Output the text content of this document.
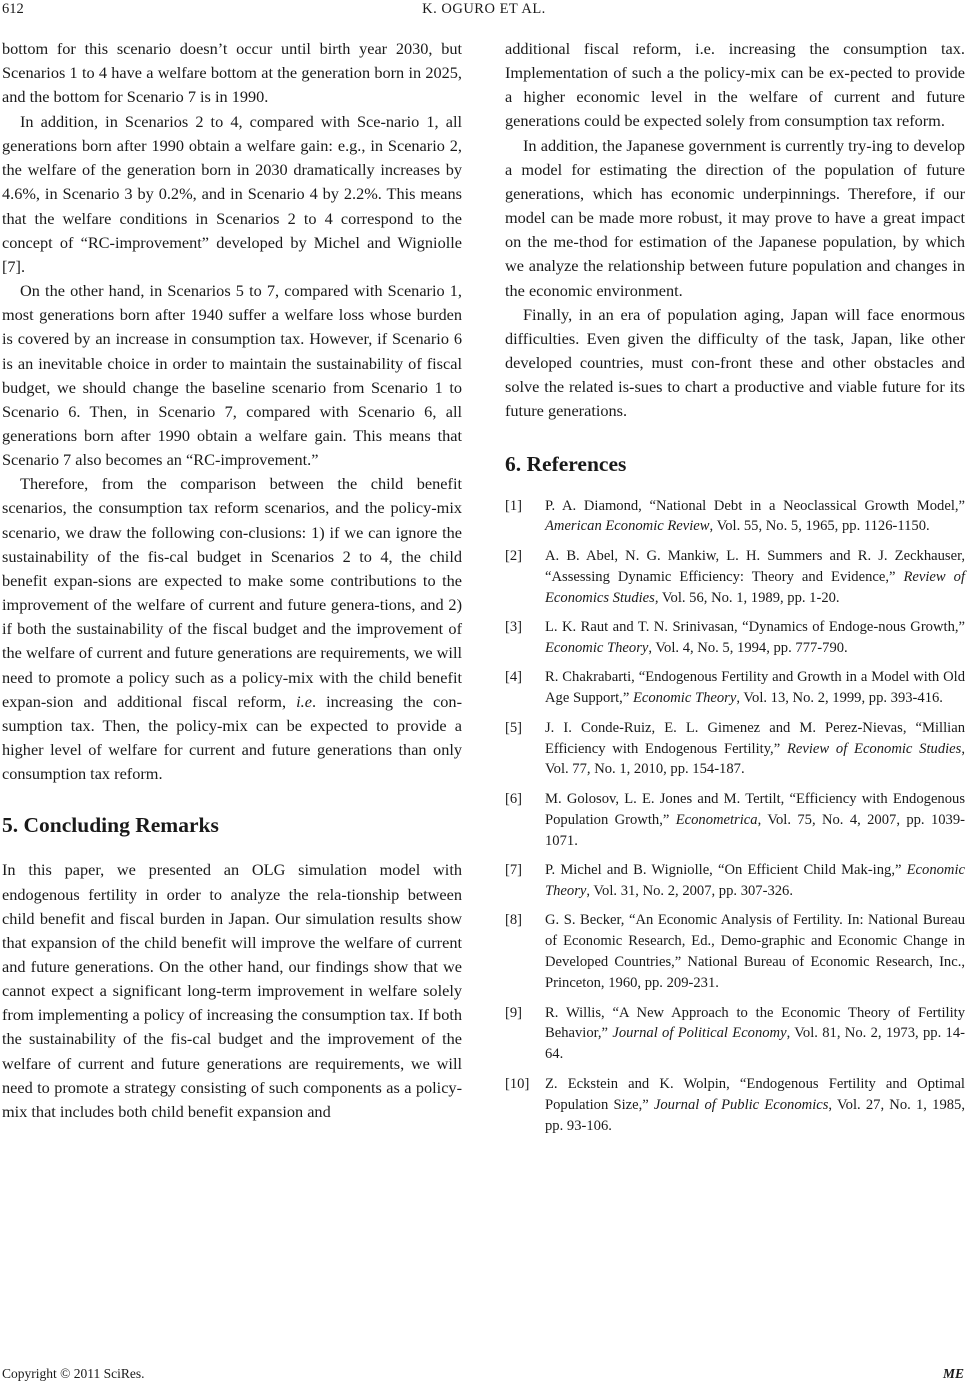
612	K. OGURO ET AL.

bottom for this scenario doesn’t occur until birth year 2030, but Scenarios 1 to 4 have a welfare bottom at the generation born in 2025, and the bottom for Scenario 7 is in 1990.

In addition, in Scenarios 2 to 4, compared with Sce-nario 1, all generations born after 1990 obtain a welfare gain: e.g., in Scenario 2, the welfare of the generation born in 2030 dramatically increases by 4.6%, in Scenario 3 by 0.2%, and in Scenario 4 by 2.2%. This means that the welfare conditions in Scenarios 2 to 4 correspond to the concept of “RC-improvement” developed by Michel and Wigniolle [7].

On the other hand, in Scenarios 5 to 7, compared with Scenario 1, most generations born after 1940 suffer a welfare loss whose burden is covered by an increase in consumption tax. However, if Scenario 6 is an inevitable choice in order to maintain the sustainability of fiscal budget, we should change the baseline scenario from Scenario 1 to Scenario 6. Then, in Scenario 7, compared with Scenario 6, all generations born after 1990 obtain a welfare gain. This means that Scenario 7 also becomes an “RC-improvement.”

Therefore, from the comparison between the child benefit scenarios, the consumption tax reform scenarios, and the policy-mix scenario, we draw the following con-clusions: 1) if we can ignore the sustainability of the fis-cal budget in Scenarios 2 to 4, the child benefit expan-sions are expected to make some contributions to the improvement of the welfare of current and future genera-tions, and 2) if both the sustainability of the fiscal budget and the improvement of the welfare of current and future generations are requirements, we will need to promote a policy such as a policy-mix with the child benefit expan-sion and additional fiscal reform, i.e. increasing the con-sumption tax. Then, the policy-mix can be expected to provide a higher level of welfare for current and future generations than only consumption tax reform.

5. Concluding Remarks

In this paper, we presented an OLG simulation model with endogenous fertility in order to analyze the rela-tionship between child benefit and fiscal burden in Japan. Our simulation results show that expansion of the child benefit will improve the welfare of current and future generations. On the other hand, our findings show that we cannot expect a significant long-term improvement in welfare solely from implementing a policy of increasing the consumption tax. If both the sustainability of the fis-cal budget and the improvement of the welfare of current and future generations are requirements, we will need to promote a strategy consisting of such components as a policy-mix that includes both child benefit expansion and

additional fiscal reform, i.e. increasing the consumption tax. Implementation of such a the policy-mix can be ex-pected to provide a higher economic level in the welfare of current and future generations could be expected solely from consumption tax reform.

In addition, the Japanese government is currently try-ing to develop a model for estimating the direction of the population of future generations, which has economic underpinnings. Therefore, if our model can be made more robust, it may prove to have a great impact on the me-thod for estimation of the Japanese population, by which we analyze the relationship between future population and changes in the economic environment.

Finally, in an era of population aging, Japan will face enormous difficulties. Even given the difficulty of the task, Japan, like other developed countries, must con-front these and other obstacles and solve the related is-sues to chart a productive and viable future for its future generations.

6. References
[1]	P. A. Diamond, “National Debt in a Neoclassical Growth Model,” American Economic Review, Vol. 55, No. 5, 1965, pp. 1126-1150.
[2]	A. B. Abel, N. G. Mankiw, L. H. Summers and R. J. Zeckhauser, “Assessing Dynamic Efficiency: Theory and Evidence,” Review of Economics Studies, Vol. 56, No. 1, 1989, pp. 1-20.
[3]	L. K. Raut and T. N. Srinivasan, “Dynamics of Endoge-nous Growth,” Economic Theory, Vol. 4, No. 5, 1994, pp. 777-790.
[4]	R. Chakrabarti, “Endogenous Fertility and Growth in a Model with Old Age Support,” Economic Theory, Vol. 13, No. 2, 1999, pp. 393-416.
[5]	J. I. Conde-Ruiz, E. L. Gimenez and M. Perez-Nievas, “Millian Efficiency with Endogenous Fertility,” Review of Economic Studies, Vol. 77, No. 1, 2010, pp. 154-187.
[6]	M. Golosov, L. E. Jones and M. Tertilt, “Efficiency with Endogenous Population Growth,” Econometrica, Vol. 75, No. 4, 2007, pp. 1039-1071.
[7]	P. Michel and B. Wigniolle, “On Efficient Child Mak-ing,” Economic Theory, Vol. 31, No. 2, 2007, pp. 307-326.
[8]	G. S. Becker, “An Economic Analysis of Fertility. In: National Bureau of Economic Research, Ed., Demo-graphic and Economic Change in Developed Countries,” National Bureau of Economic Research, Inc., Princeton, 1960, pp. 209-231.
[9]	R. Willis, “A New Approach to the Economic Theory of Fertility Behavior,” Journal of Political Economy, Vol. 81, No. 2, 1973, pp. 14-64.
[10]	Z. Eckstein and K. Wolpin, “Endogenous Fertility and Optimal Population Size,” Journal of Public Economics, Vol. 27, No. 1, 1985, pp. 93-106.
Copyright © 2011 SciRes.	ME
